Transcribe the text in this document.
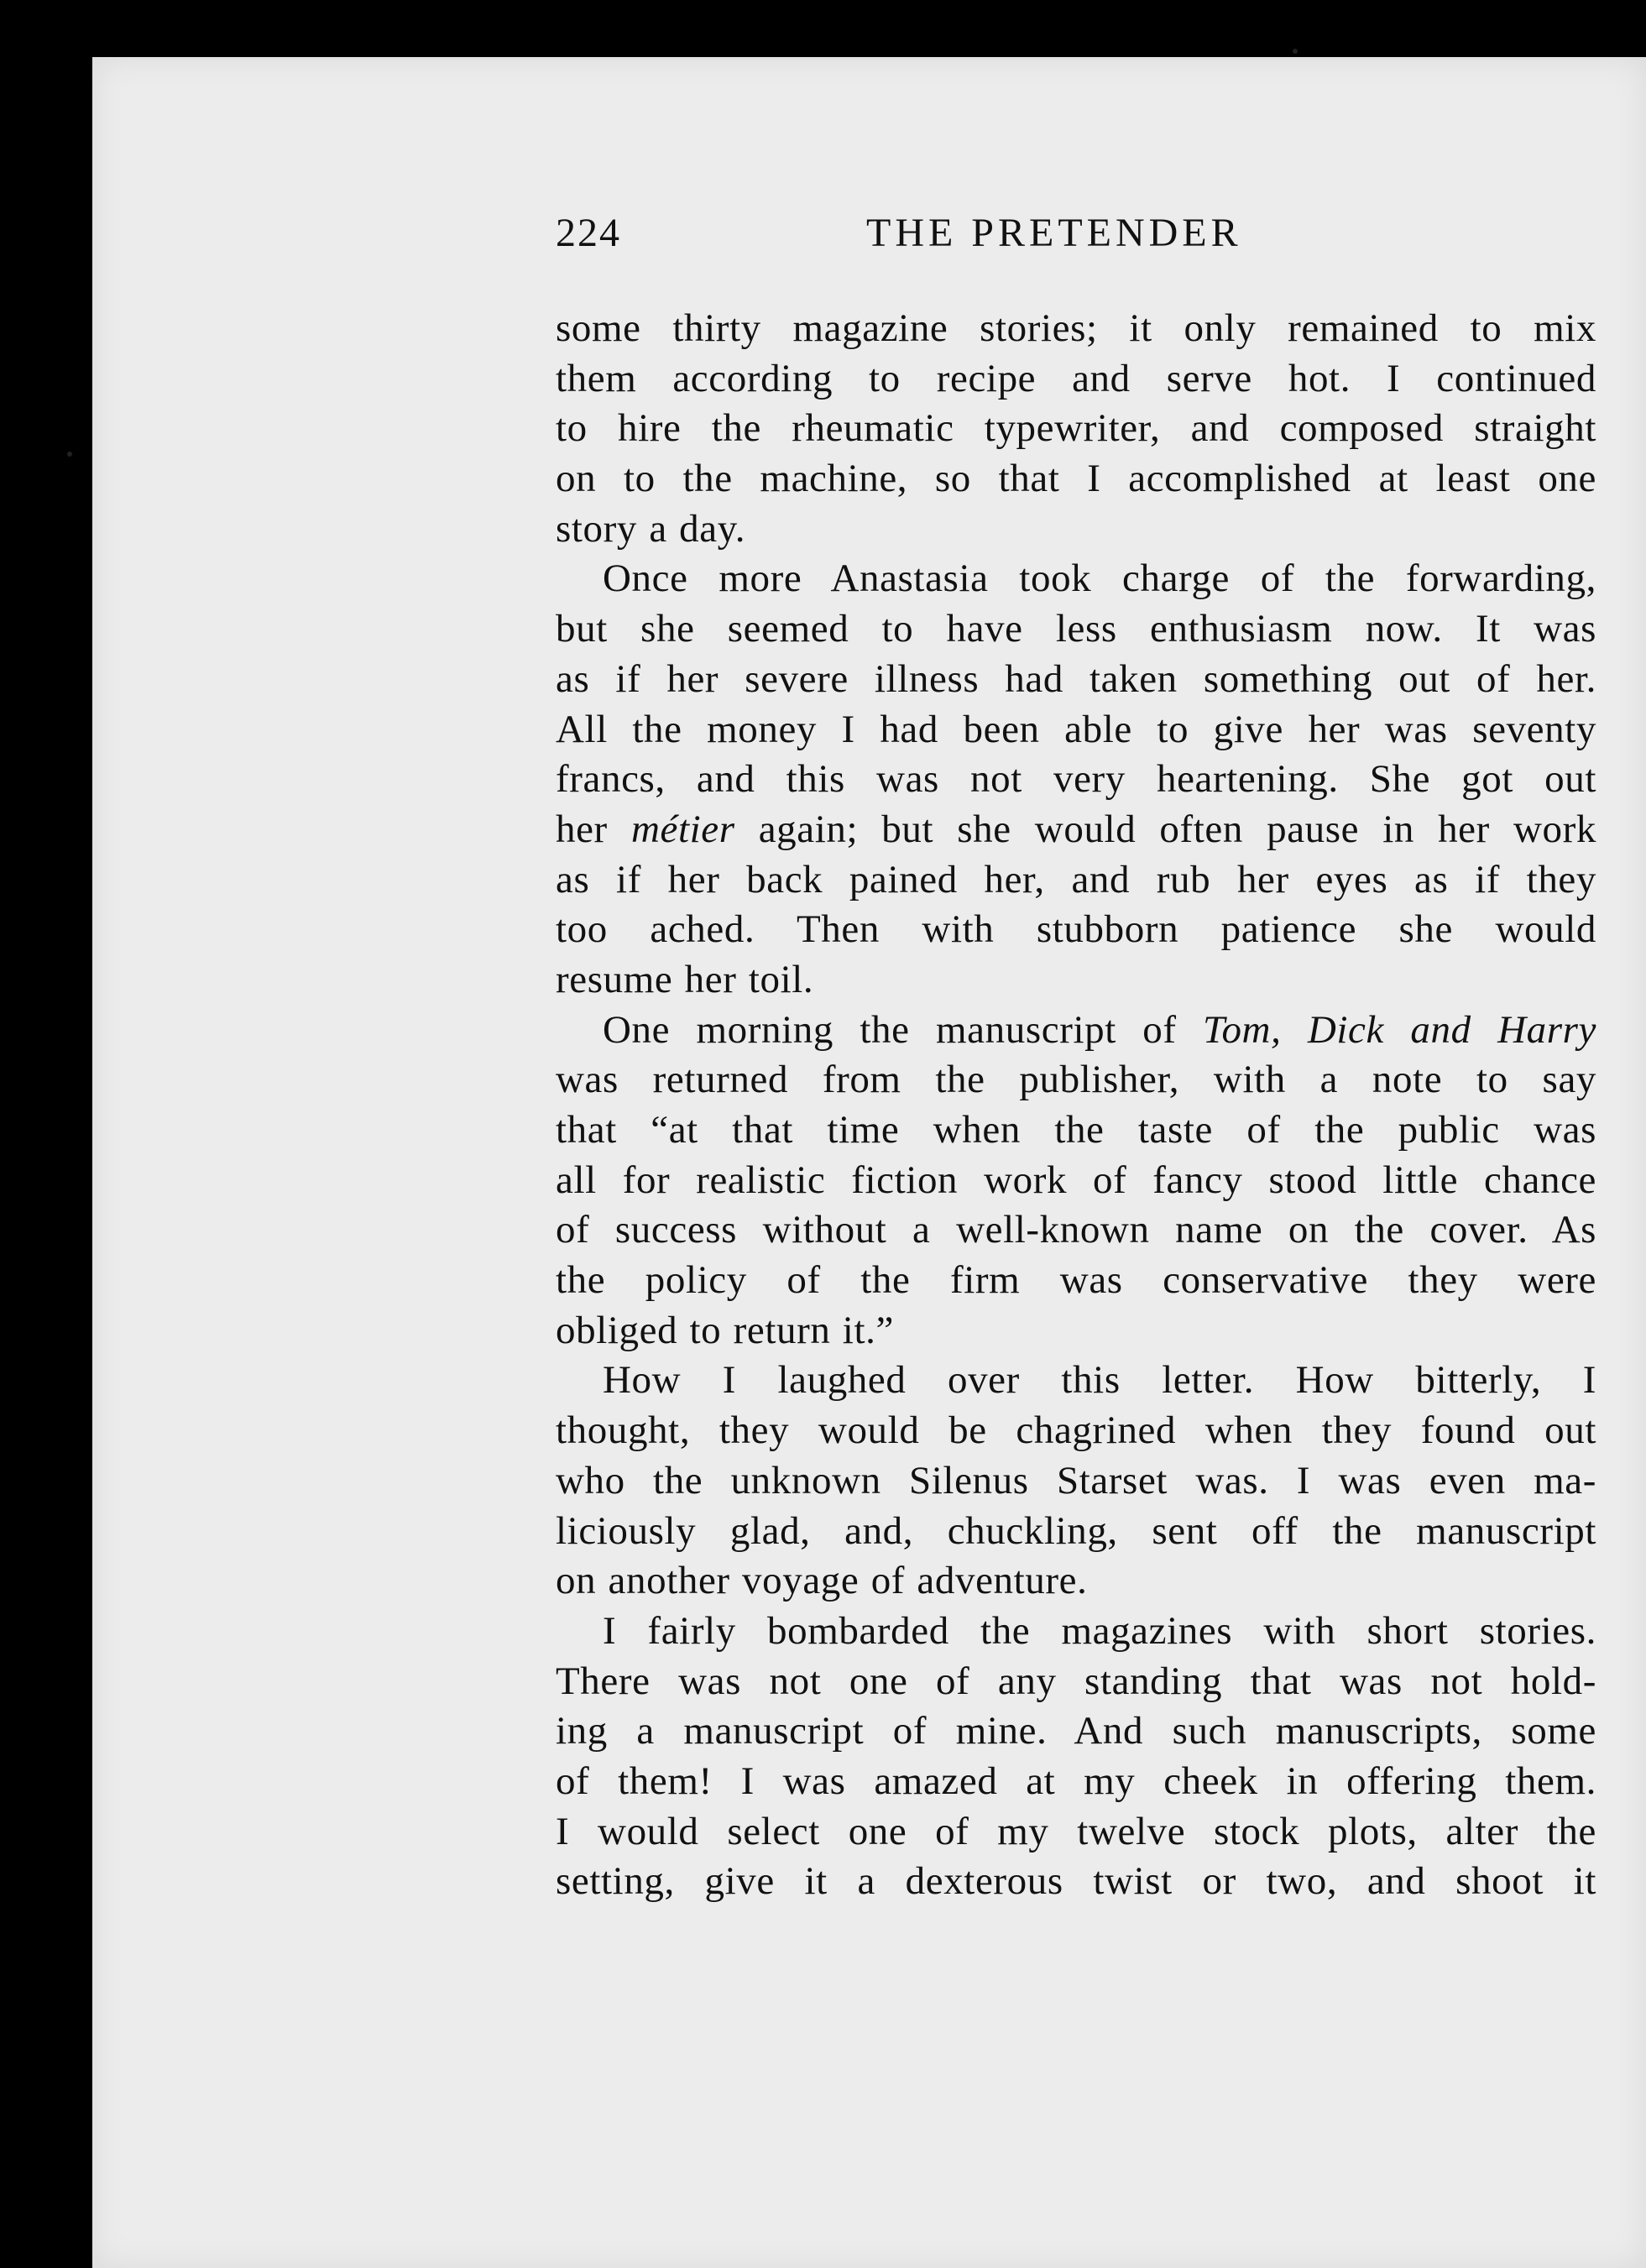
224	THE PRETENDER
some thirty magazine stories; it only remained to mix
them according to recipe and serve hot. I continued
to hire the rheumatic typewriter, and composed straight
on to the machine, so that I accomplished at least one
story a day.
Once more Anastasia took charge of the forwarding,
but she seemed to have less enthusiasm now. It was
as if her severe illness had taken something out of her.
All the money I had been able to give her was seventy
francs, and this was not very heartening. She got out
her métier again; but she would often pause in her work
as if her back pained her, and rub her eyes as if they
too ached. Then with stubborn patience she would
resume her toil.
One morning the manuscript of Tom, Dick and Harry
was returned from the publisher, with a note to say
that “at that time when the taste of the public was
all for realistic fiction work of fancy stood little chance
of success without a well-known name on the cover. As
the policy of the firm was conservative they were
obliged to return it.”
How I laughed over this letter. How bitterly, I
thought, they would be chagrined when they found out
who the unknown Silenus Starset was. I was even ma-
liciously glad, and, chuckling, sent off the manuscript
on another voyage of adventure.
I fairly bombarded the magazines with short stories.
There was not one of any standing that was not hold-
ing a manuscript of mine. And such manuscripts, some
of them! I was amazed at my cheek in offering them.
I would select one of my twelve stock plots, alter the
setting, give it a dexterous twist or two, and shoot it
